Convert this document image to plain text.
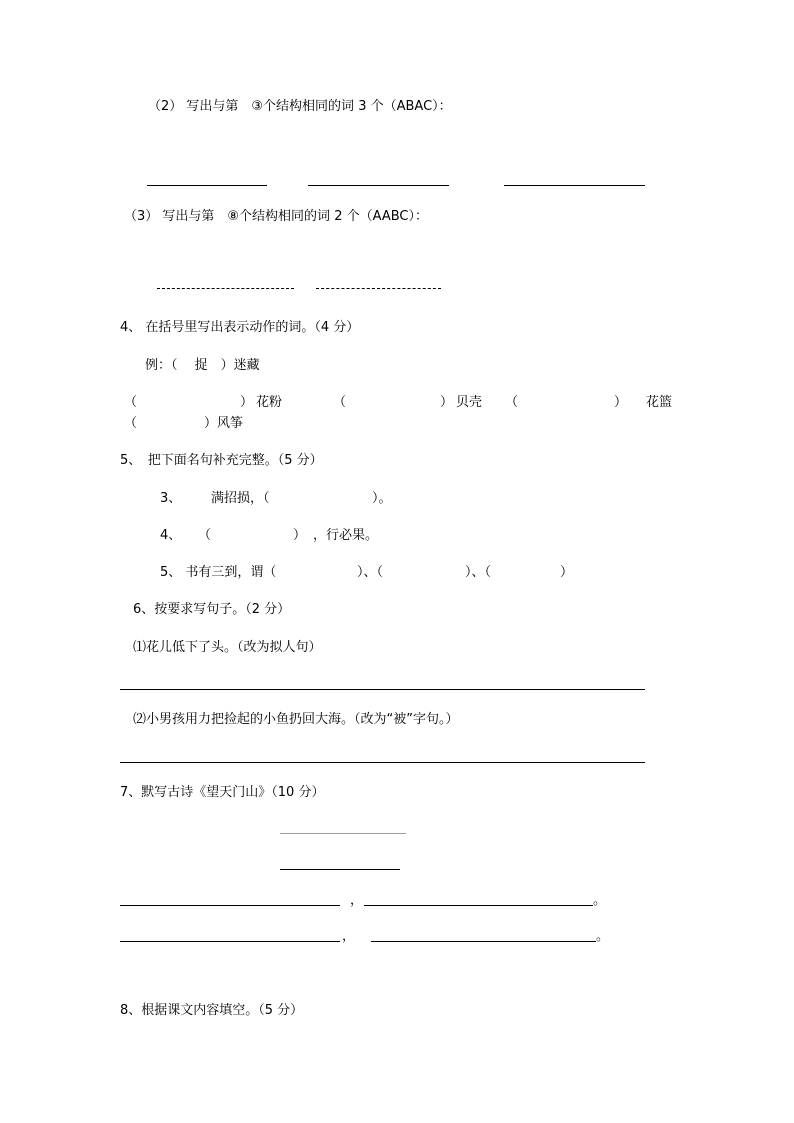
（2） 写出与第　③个结构相同的词 3 个（ABAC）：
（3） 写出与第　⑧个结构相同的词 2 个（AABC）：
4、 在括号里写出表示动作的词。（4 分）
例：（　 捉　）迷藏
（	） 花粉	（	） 贝壳 （	） 花篮
（	） 风筝
5、　把下面名句补充完整。（5 分）
3、 满招损，（	）。
4、 （	） ，行必果。
5、 书有三到，谓（	）、（	）、（	）
6、按要求写句子。（2 分）
⑴花儿低下了头。（改为拟人句）
⑵小男孩用力把捡起的小鱼扔回大海。（改为“被”字句。）
7、默写古诗《望天门山》（10 分）
，	。
，	。
8、根据课文内容填空。（5 分）
